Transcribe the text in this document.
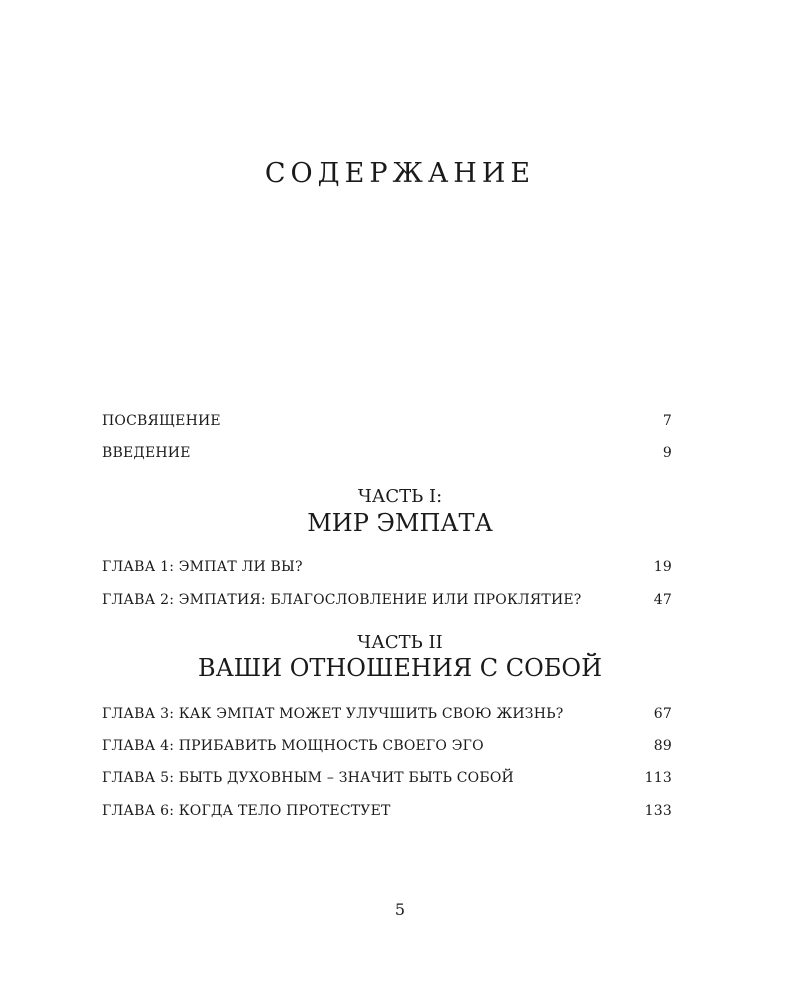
СОДЕРЖАНИЕ
ПОСВЯЩЕНИЕ	7
ВВЕДЕНИЕ	9
ЧАСТЬ I:
МИР ЭМПАТА
ГЛАВА 1: ЭМПАТ ЛИ ВЫ?	19
ГЛАВА 2: ЭМПАТИЯ: БЛАГОСЛОВЛЕНИЕ ИЛИ ПРОКЛЯТИЕ?	47
ЧАСТЬ II
ВАШИ ОТНОШЕНИЯ С СОБОЙ
ГЛАВА 3: КАК ЭМПАТ МОЖЕТ УЛУЧШИТЬ СВОЮ ЖИЗНЬ?	67
ГЛАВА 4: ПРИБАВИТЬ МОЩНОСТЬ СВОЕГО ЭГО	89
ГЛАВА 5: БЫТЬ ДУХОВНЫМ – ЗНАЧИТ БЫТЬ СОБОЙ	113
ГЛАВА 6: КОГДА ТЕЛО ПРОТЕСТУЕТ	133
5
